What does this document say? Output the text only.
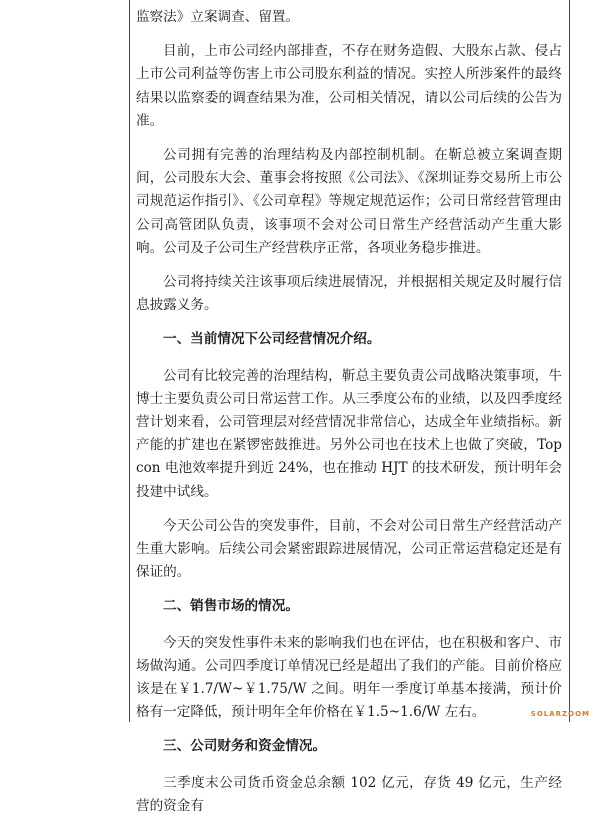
监察法》立案调查、留置。

目前，上市公司经内部排查，不存在财务造假、大股东占款、侵占上市公司利益等伤害上市公司股东利益的情况。实控人所涉案件的最终结果以监察委的调查结果为准，公司相关情况，请以公司后续的公告为准。

公司拥有完善的治理结构及内部控制机制。在靳总被立案调查期间，公司股东大会、董事会将按照《公司法》、《深圳证券交易所上市公司规范运作指引》、《公司章程》等规定规范运作；公司日常经营管理由公司高管团队负责，该事项不会对公司日常生产经营活动产生重大影响。公司及子公司生产经营秩序正常，各项业务稳步推进。

公司将持续关注该事项后续进展情况，并根据相关规定及时履行信息披露义务。

一、当前情况下公司经营情况介绍。

公司有比较完善的治理结构，靳总主要负责公司战略决策事项，牛博士主要负责公司日常运营工作。从三季度公布的业绩，以及四季度经营计划来看，公司管理层对经营情况非常信心，达成全年业绩指标。新产能的扩建也在紧锣密鼓推进。另外公司也在技术上也做了突破，Topcon 电池效率提升到近 24%，也在推动 HJT 的技术研发，预计明年会投建中试线。

今天公司公告的突发事件，目前，不会对公司日常生产经营活动产生重大影响。后续公司会紧密跟踪进展情况，公司正常运营稳定还是有保证的。

二、销售市场的情况。

今天的突发性事件未来的影响我们也在评估，也在积极和客户、市场做沟通。公司四季度订单情况已经是超出了我们的产能。目前价格应该是在￥1.7/W~￥1.75/W 之间。明年一季度订单基本接满，预计价格有一定降低，预计明年全年价格在￥1.5~1.6/W 左右。

三、公司财务和资金情况。

三季度末公司货币资金总余额 102 亿元，存货 49 亿元，生产经营的资金有

SOLARZOOM
